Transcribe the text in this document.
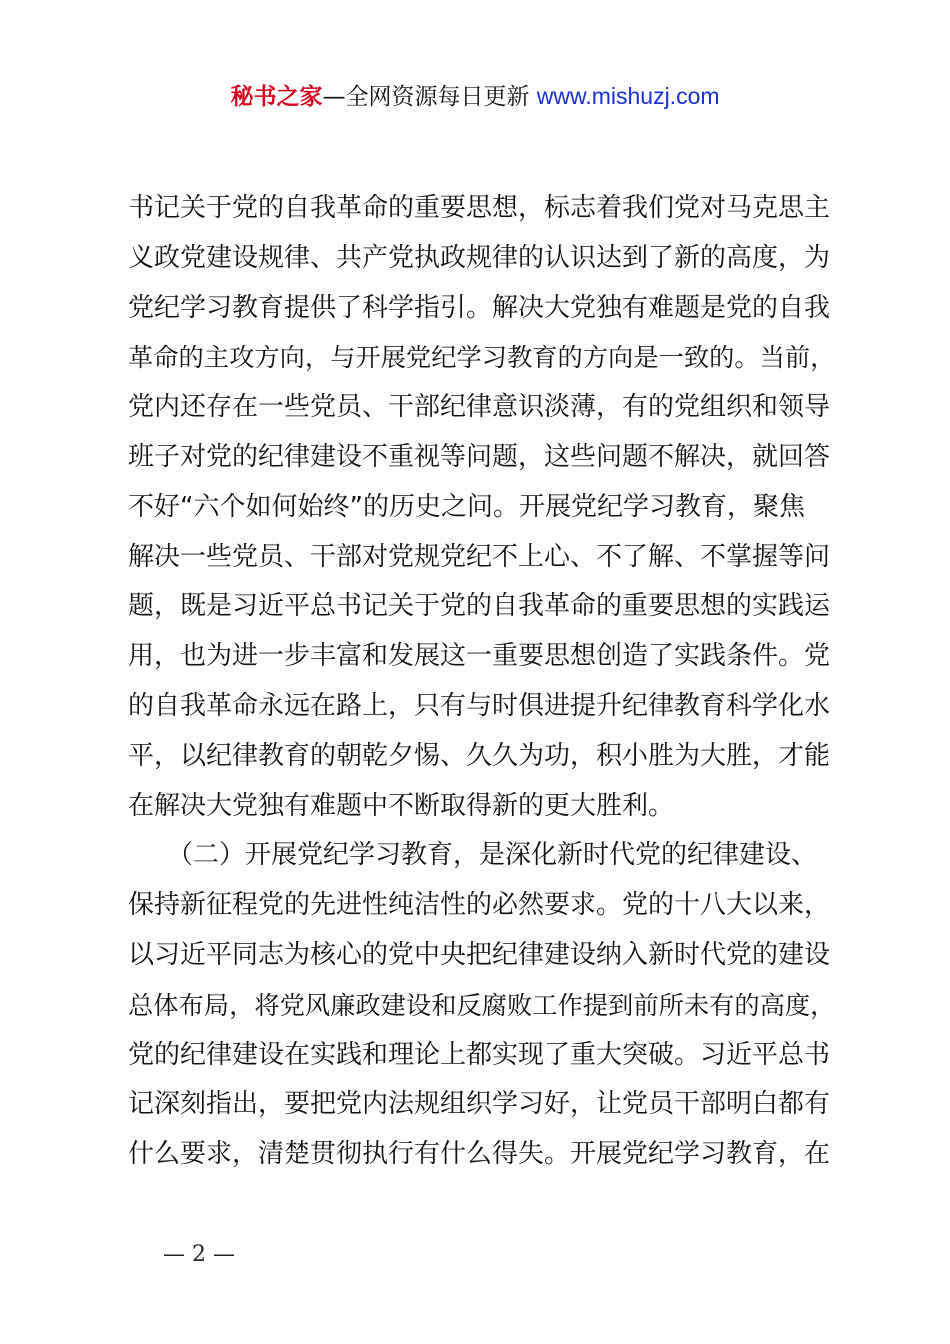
秘书之家—全网资源每日更新 www.mishuzj.com
书记关于党的自我革命的重要思想，标志着我们党对马克思主
义政党建设规律、共产党执政规律的认识达到了新的高度，为
党纪学习教育提供了科学指引。解决大党独有难题是党的自我
革命的主攻方向，与开展党纪学习教育的方向是一致的。当前，
党内还存在一些党员、干部纪律意识淡薄，有的党组织和领导
班子对党的纪律建设不重视等问题，这些问题不解决，就回答
不好“六个如何始终”的历史之问。开展党纪学习教育，聚焦
解决一些党员、干部对党规党纪不上心、不了解、不掌握等问
题，既是习近平总书记关于党的自我革命的重要思想的实践运
用，也为进一步丰富和发展这一重要思想创造了实践条件。党
的自我革命永远在路上，只有与时俱进提升纪律教育科学化水
平，以纪律教育的朝乾夕惕、久久为功，积小胜为大胜，才能
在解决大党独有难题中不断取得新的更大胜利。
　　（二）开展党纪学习教育，是深化新时代党的纪律建设、
保持新征程党的先进性纯洁性的必然要求。党的十八大以来，
以习近平同志为核心的党中央把纪律建设纳入新时代党的建设
总体布局，将党风廉政建设和反腐败工作提到前所未有的高度，
党的纪律建设在实践和理论上都实现了重大突破。习近平总书
记深刻指出，要把党内法规组织学习好，让党员干部明白都有
什么要求，清楚贯彻执行有什么得失。开展党纪学习教育，在
— 2 —
